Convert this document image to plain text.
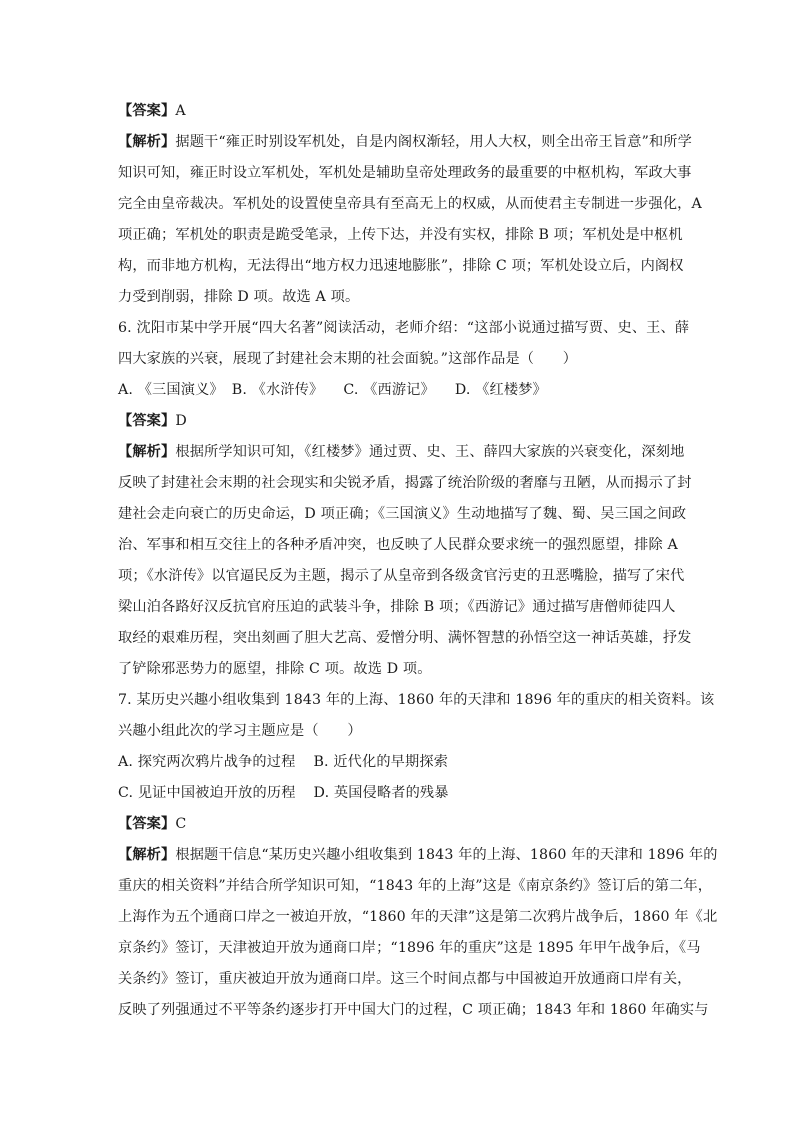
【答案】A
【解析】据题干“雍正时别设军机处，自是内阁权渐轻，用人大权，则全出帝王旨意”和所学
知识可知，雍正时设立军机处，军机处是辅助皇帝处理政务的最重要的中枢机构，军政大事
完全由皇帝裁决。军机处的设置使皇帝具有至高无上的权威，从而使君主专制进一步强化，A
项正确；军机处的职责是跪受笔录，上传下达，并没有实权，排除 B 项；军机处是中枢机
构，而非地方机构，无法得出“地方权力迅速地膨胀”，排除 C 项；军机处设立后，内阁权
力受到削弱，排除 D 项。故选 A 项。
6. 沈阳市某中学开展“四大名著”阅读活动，老师介绍：“这部小说通过描写贾、史、王、薛
四大家族的兴衰，展现了封建社会末期的社会面貌。”这部作品是（　　）
A. 《三国演义》 B. 《水浒传》 C. 《西游记》 D. 《红楼梦》
【答案】D
【解析】根据所学知识可知，《红楼梦》通过贾、史、王、薛四大家族的兴衰变化，深刻地
反映了封建社会末期的社会现实和尖锐矛盾，揭露了统治阶级的奢靡与丑陋，从而揭示了封
建社会走向衰亡的历史命运，D 项正确；《三国演义》生动地描写了魏、蜀、吴三国之间政
治、军事和相互交往上的各种矛盾冲突，也反映了人民群众要求统一的强烈愿望，排除 A
项；《水浒传》以官逼民反为主题，揭示了从皇帝到各级贪官污吏的丑恶嘴脸，描写了宋代
梁山泊各路好汉反抗官府压迫的武装斗争，排除 B 项；《西游记》通过描写唐僧师徒四人
取经的艰难历程，突出刻画了胆大艺高、爱憎分明、满怀智慧的孙悟空这一神话英雄，抒发
了铲除邪恶势力的愿望，排除 C 项。故选 D 项。
7. 某历史兴趣小组收集到 1843 年的上海、1860 年的天津和 1896 年的重庆的相关资料。该
兴趣小组此次的学习主题应是（　　）
A. 探究两次鸦片战争的过程 B. 近代化的早期探索
C. 见证中国被迫开放的历程 D. 英国侵略者的残暴
【答案】C
【解析】根据题干信息“某历史兴趣小组收集到 1843 年的上海、1860 年的天津和 1896 年的
重庆的相关资料”并结合所学知识可知，“1843 年的上海”这是《南京条约》签订后的第二年，
上海作为五个通商口岸之一被迫开放，“1860 年的天津”这是第二次鸦片战争后，1860 年《北
京条约》签订，天津被迫开放为通商口岸；“1896 年的重庆”这是 1895 年甲午战争后，《马
关条约》签订，重庆被迫开放为通商口岸。这三个时间点都与中国被迫开放通商口岸有关，
反映了列强通过不平等条约逐步打开中国大门的过程，C 项正确；1843 年和 1860 年确实与
